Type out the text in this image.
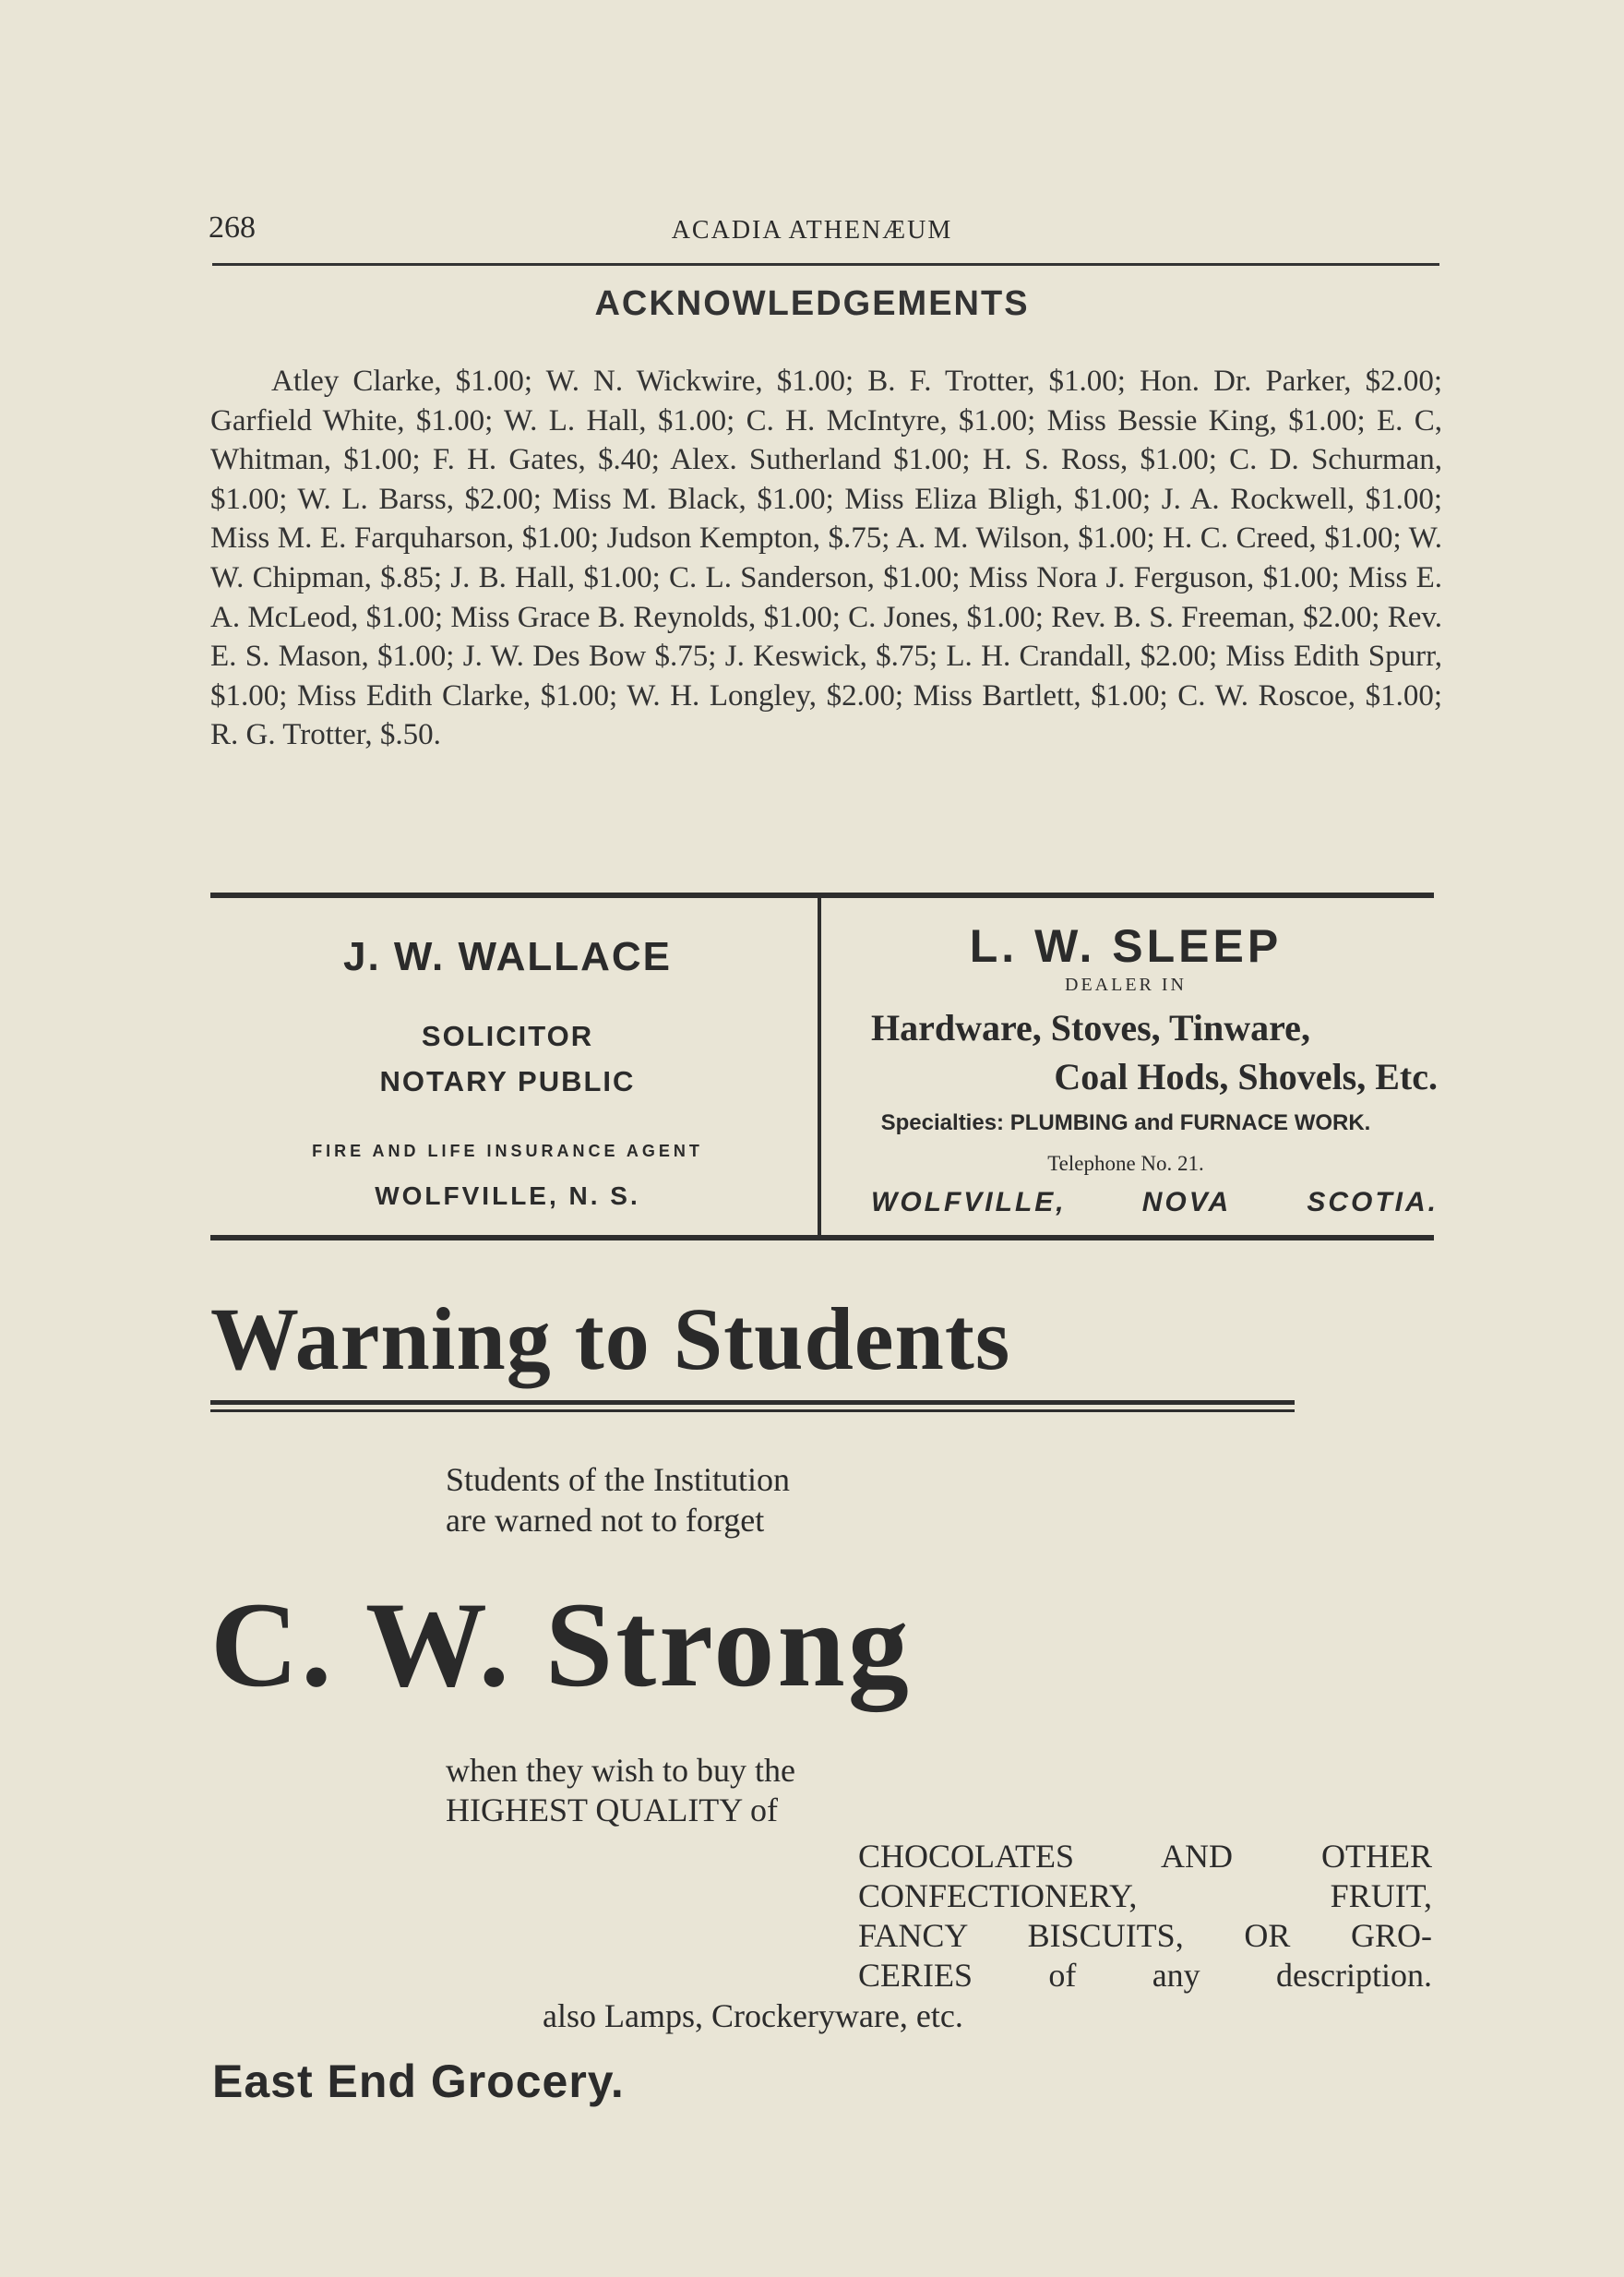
268	ACADIA ATHENÆUM
ACKNOWLEDGEMENTS
Atley Clarke, $1.00; W. N. Wickwire, $1.00; B. F. Trotter, $1.00; Hon. Dr. Parker, $2.00; Garfield White, $1.00; W. L. Hall, $1.00; C. H. McIntyre, $1.00; Miss Bessie King, $1.00; E. C, Whitman, $1.00; F. H. Gates, $.40; Alex. Sutherland $1.00; H. S. Ross, $1.00; C. D. Schurman, $1.00; W. L. Barss, $2.00; Miss M. Black, $1.00; Miss Eliza Bligh, $1.00; J. A. Rockwell, $1.00; Miss M. E. Farquharson, $1.00; Judson Kempton, $.75; A. M. Wilson, $1.00; H. C. Creed, $1.00; W. W. Chipman, $.85; J. B. Hall, $1.00; C. L. Sanderson, $1.00; Miss Nora J. Ferguson, $1.00; Miss E. A. McLeod, $1.00; Miss Grace B. Reynolds, $1.00; C. Jones, $1.00; Rev. B. S. Freeman, $2.00; Rev. E. S. Mason, $1.00; J. W. Des Bow $.75; J. Keswick, $.75; L. H. Crandall, $2.00; Miss Edith Spurr, $1.00; Miss Edith Clarke, $1.00; W. H. Longley, $2.00; Miss Bartlett, $1.00; C. W. Roscoe, $1.00; R. G. Trotter, $.50.
J. W. WALLACE
SOLICITOR
NOTARY PUBLIC
FIRE AND LIFE INSURANCE AGENT
WOLFVILLE, N. S.
L. W. SLEEP
DEALER IN
Hardware, Stoves, Tinware,
Coal Hods, Shovels, Etc.
Specialties: PLUMBING and FURNACE WORK.
Telephone No. 21.
WOLFVILLE,	NOVA	SCOTIA.
Warning to Students
Students of the Institution
are warned not to forget
C. W. Strong
when they wish to buy the
HIGHEST QUALITY of
CHOCOLATES AND OTHER
CONFECTIONERY, FRUIT,
FANCY BISCUITS, OR GRO-
CERIES of any description.
also Lamps, Crockeryware, etc.
East End Grocery.
